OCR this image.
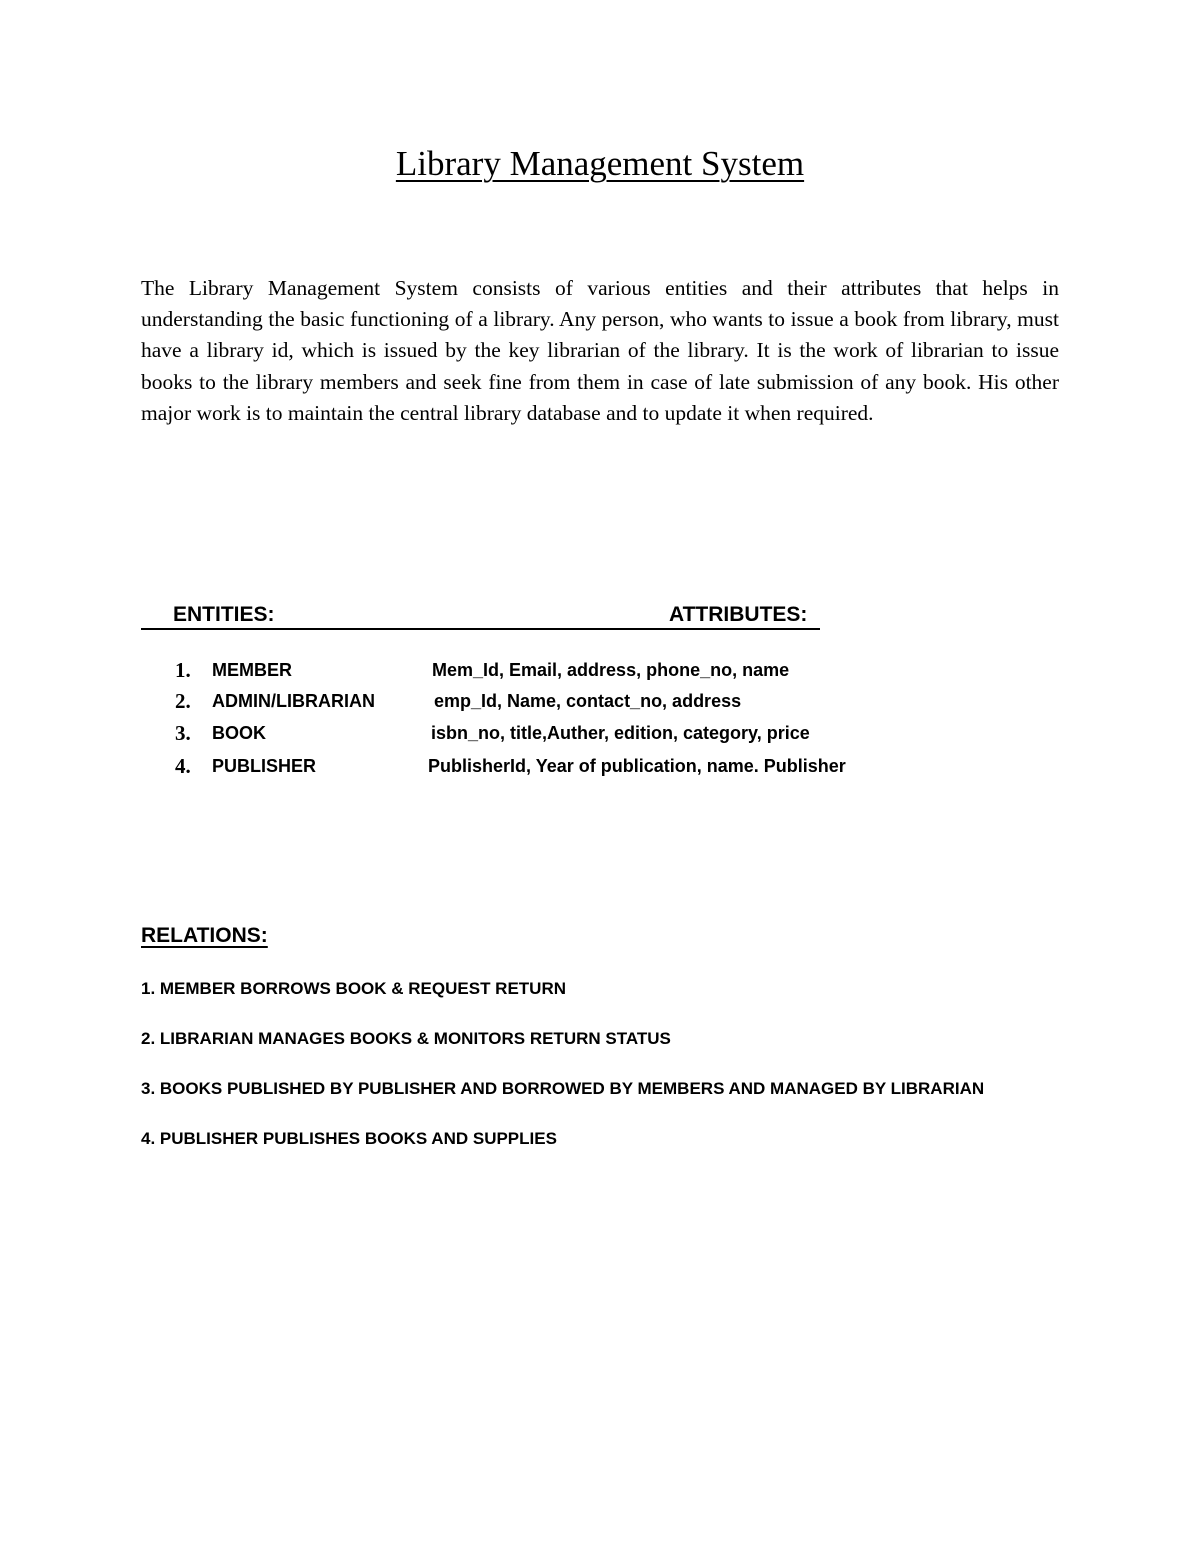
Library Management System

The Library Management System consists of various entities and their attributes that helps in understanding the basic functioning of a library. Any person, who wants to issue a book from library, must have a library id, which is issued by the key librarian of the library. It is the work of librarian to issue books to the library members and seek fine from them in case of late submission of any book. His other major work is to maintain the central library database and to update it when required.

ENTITIES:	ATTRIBUTES:
1. MEMBER	Mem_Id, Email, address, phone_no, name
2. ADMIN/LIBRARIAN	emp_Id, Name, contact_no, address
3. BOOK	isbn_no, title,Auther, edition, category, price
4. PUBLISHER	PublisherId, Year of publication, name. Publisher
RELATIONS:
1. MEMBER BORROWS BOOK & REQUEST RETURN
2. LIBRARIAN MANAGES BOOKS & MONITORS RETURN STATUS
3. BOOKS PUBLISHED BY PUBLISHER AND BORROWED BY MEMBERS AND MANAGED BY LIBRARIAN
4. PUBLISHER PUBLISHES BOOKS AND SUPPLIES
